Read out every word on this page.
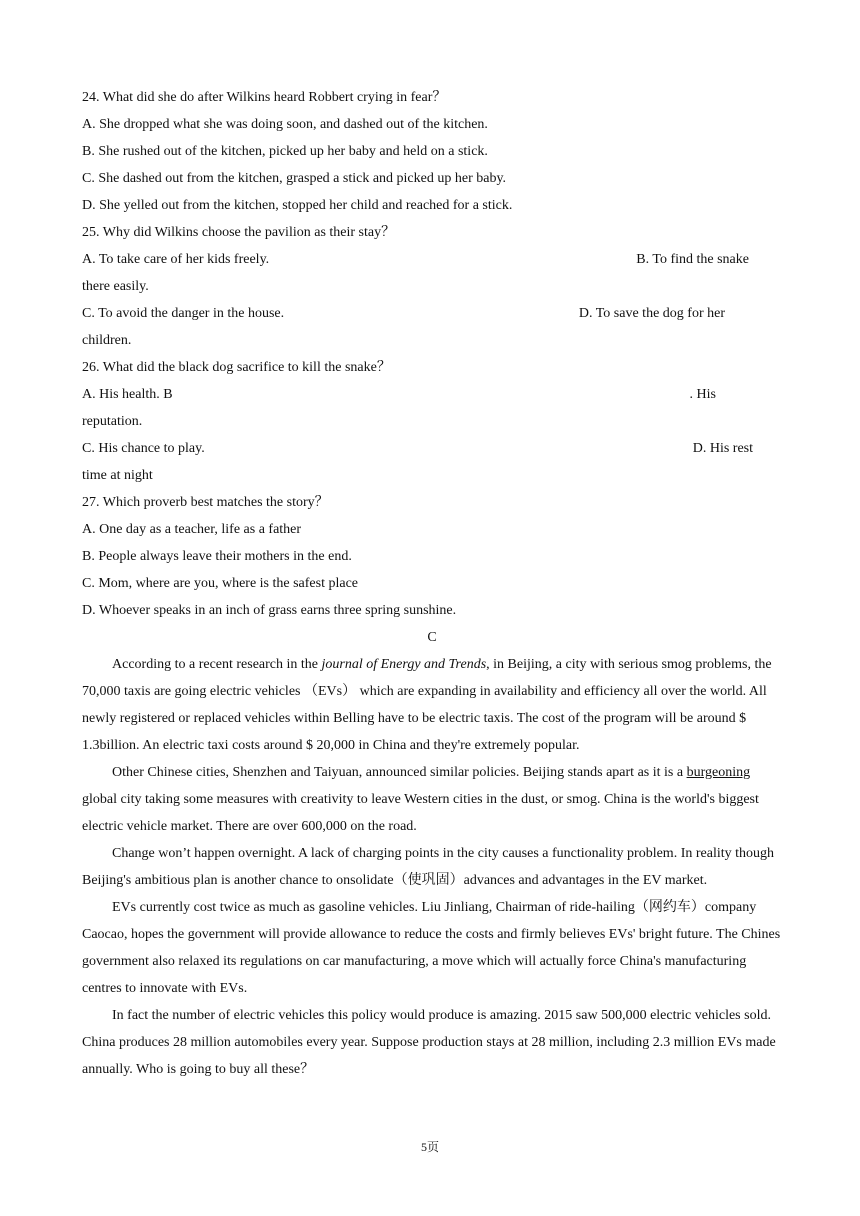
24. What did she do after Wilkins heard Robbert crying in fear？
A. She dropped what she was doing soon, and dashed out of the kitchen.
B. She rushed out of the kitchen, picked up her baby and held on a stick.
C. She dashed out from the kitchen, grasped a stick and picked up her baby.
D. She yelled out from the kitchen, stopped her child and reached for a stick.
25. Why did Wilkins choose the pavilion as their stay？
A. To take care of her kids freely.	B. To find the snake
there easily.
C. To avoid the danger in the house.	D. To save the dog for her
children.
26. What did the black dog sacrifice to kill the snake？
A. His health. B	. His
reputation.
C. His chance to play.	D. His rest
time at night
27. Which proverb best matches the story？
A. One day as a teacher, life as a father
B. People always leave their mothers in the end.
C. Mom, where are you, where is the safest place
D. Whoever speaks in an inch of grass earns three spring sunshine.
C
According to a recent research in the journal of Energy and Trends, in Beijing, a city with serious smog problems, the 70,000 taxis are going electric vehicles （EVs） which are expanding in availability and efficiency all over the world. All newly registered or replaced vehicles within Belling have to be electric taxis. The cost of the program will be around $ 1.3billion. An electric taxi costs around $ 20,000 in China and they're extremely popular.
Other Chinese cities, Shenzhen and Taiyuan, announced similar policies. Beijing stands apart as it is a burgeoning global city taking some measures with creativity to leave Western cities in the dust, or smog. China is the world's biggest electric vehicle market. There are over 600,000 on the road.
Change won’t happen overnight. A lack of charging points in the city causes a functionality problem. In reality though Beijing's ambitious plan is another chance to onsolidate（使巩固）advances and advantages in the EV market.
EVs currently cost twice as much as gasoline vehicles. Liu Jinliang, Chairman of ride-hailing（网约车）company Caocao, hopes the government will provide allowance to reduce the costs and firmly believes EVs' bright future. The Chines government also relaxed its regulations on car manufacturing, a move which will actually force China's manufacturing centres to innovate with EVs.
In fact the number of electric vehicles this policy would produce is amazing. 2015 saw 500,000 electric vehicles sold. China produces 28 million automobiles every year. Suppose production stays at 28 million, including 2.3 million EVs made annually. Who is going to buy all these？
5页
